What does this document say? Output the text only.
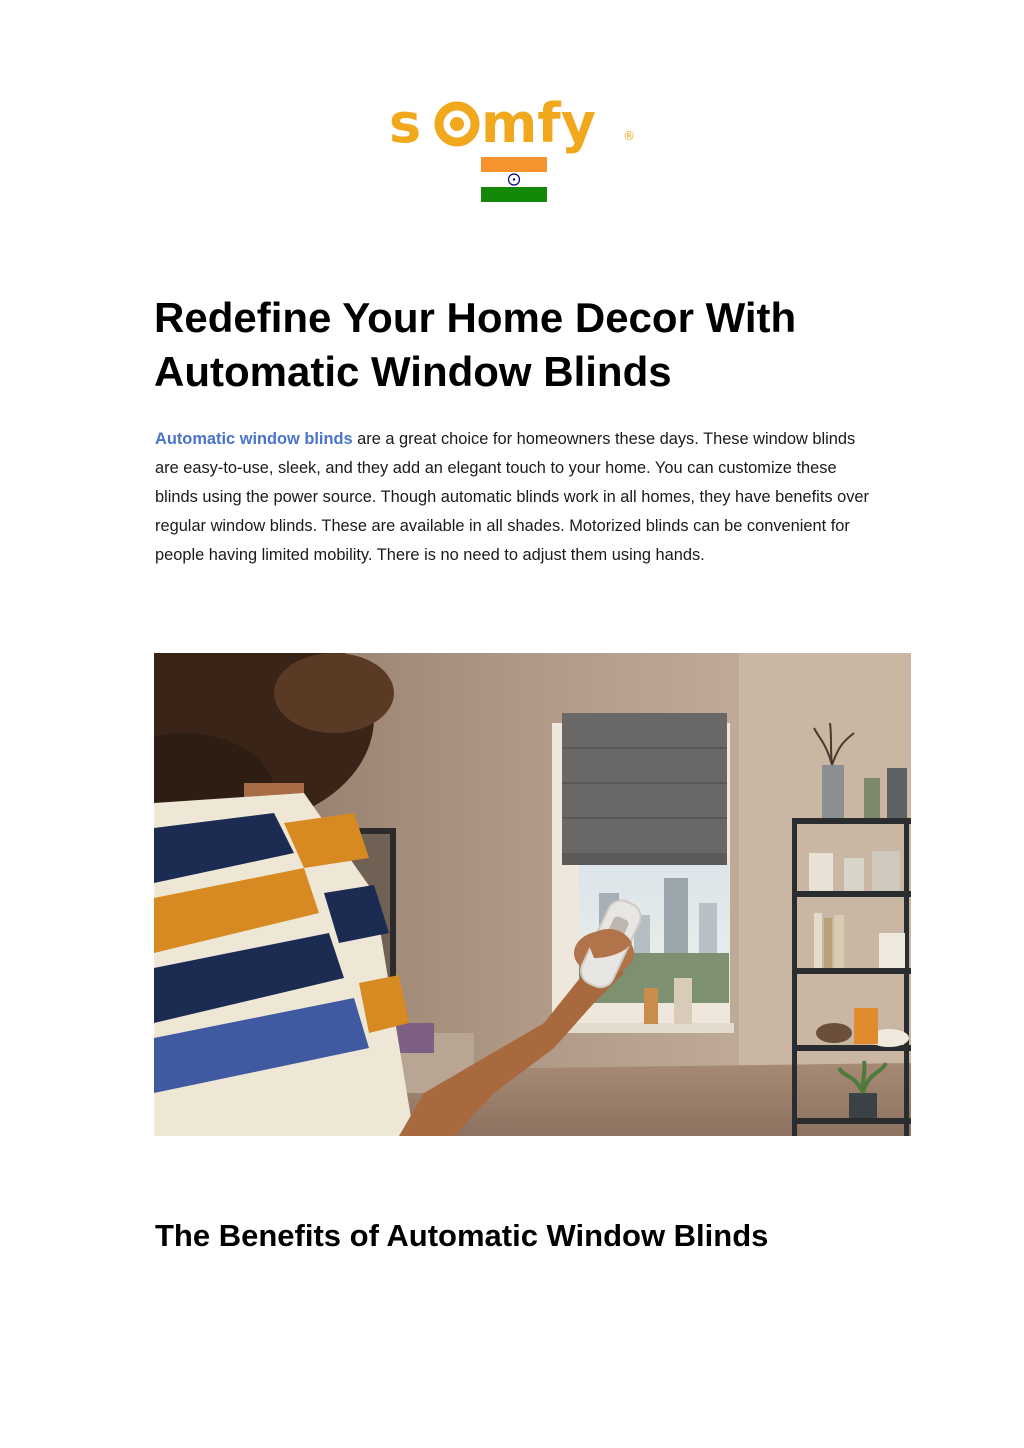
s mfy ®
Redefine Your Home Decor With Automatic Window Blinds

Automatic window blinds are a great choice for homeowners these days. These window blinds are easy-to-use, sleek, and they add an elegant touch to your home. You can customize these blinds using the power source. Though automatic blinds work in all homes, they have benefits over regular window blinds. These are available in all shades. Motorized blinds can be convenient for people having limited mobility. There is no need to adjust them using hands.

The Benefits of Automatic Window Blinds
